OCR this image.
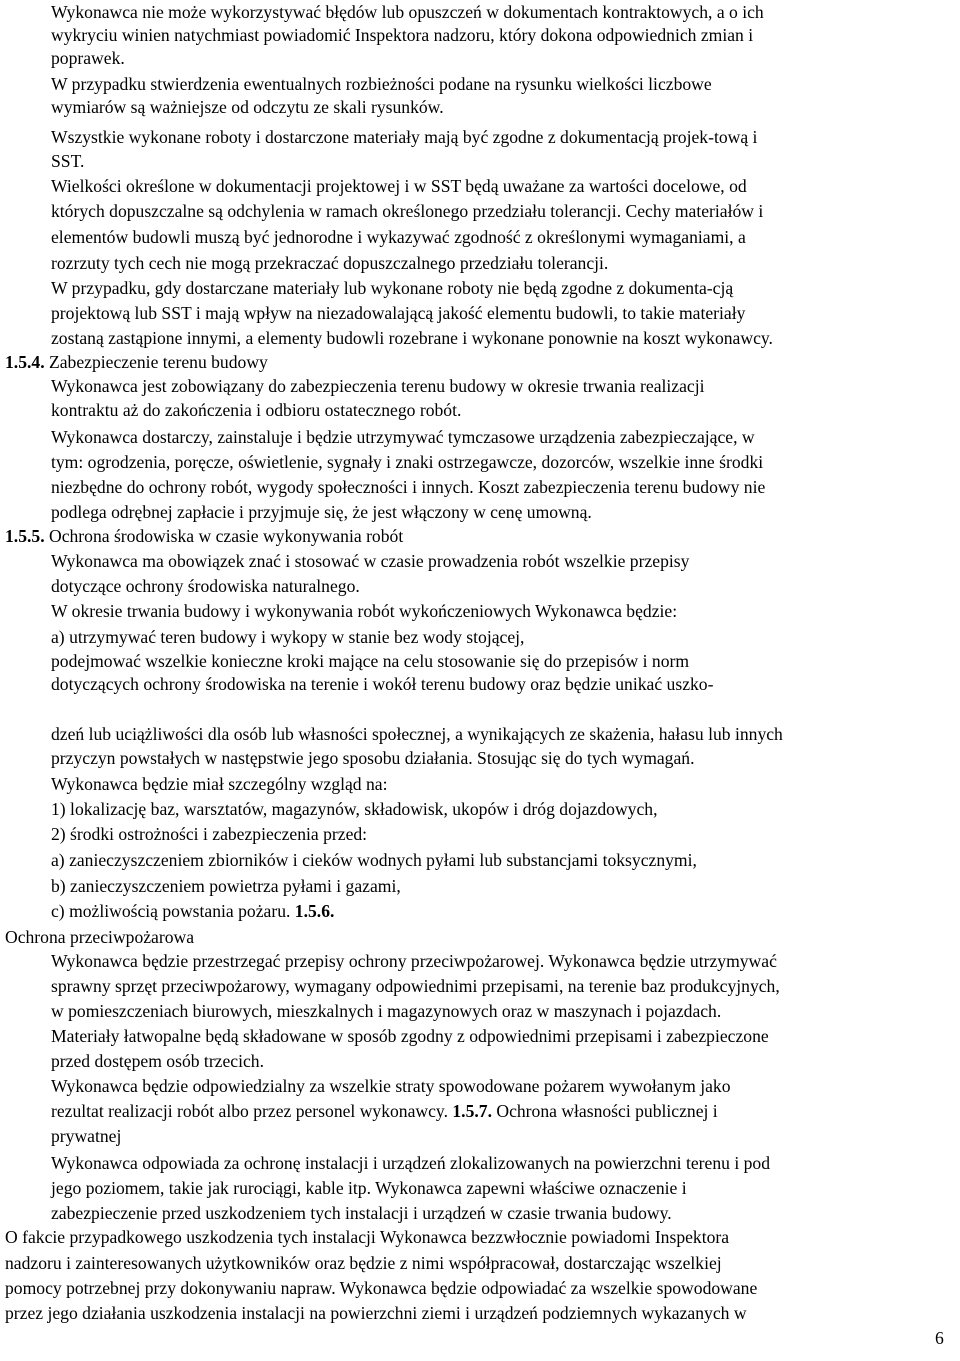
Wykonawca nie może wykorzystywać błędów lub opuszczeń w dokumentach kontraktowych, a o ich
wykryciu winien natychmiast powiadomić Inspektora nadzoru, który dokona odpowiednich zmian i
poprawek.
W przypadku stwierdzenia ewentualnych rozbieżności podane na rysunku wielkości liczbowe
wymiarów są ważniejsze od odczytu ze skali rysunków.
Wszystkie wykonane roboty i dostarczone materiały mają być zgodne z dokumentacją projek-tową i
SST.
Wielkości określone w dokumentacji projektowej i w SST będą uważane za wartości docelowe, od
których dopuszczalne są odchylenia w ramach określonego przedziału tolerancji. Cechy materiałów i
elementów budowli muszą być jednorodne i wykazywać zgodność z określonymi wymaganiami, a
rozrzuty tych cech nie mogą przekraczać dopuszczalnego przedziału tolerancji.
W przypadku, gdy dostarczane materiały lub wykonane roboty nie będą zgodne z dokumenta-cją
projektową lub SST i mają wpływ na niezadowalającą jakość elementu budowli, to takie materiały
zostaną zastąpione innymi, a elementy budowli rozebrane i wykonane ponownie na koszt wykonawcy.
1.5.4. Zabezpieczenie terenu budowy
Wykonawca jest zobowiązany do zabezpieczenia terenu budowy w okresie trwania realizacji
kontraktu aż do zakończenia i odbioru ostatecznego robót.
Wykonawca dostarczy, zainstaluje i będzie utrzymywać tymczasowe urządzenia zabezpieczające, w
tym: ogrodzenia, poręcze, oświetlenie, sygnały i znaki ostrzegawcze, dozorców, wszelkie inne środki
niezbędne do ochrony robót, wygody społeczności i innych. Koszt zabezpieczenia terenu budowy nie
podlega odrębnej zapłacie i przyjmuje się, że jest włączony w cenę umowną.
1.5.5. Ochrona środowiska w czasie wykonywania robót
Wykonawca ma obowiązek znać i stosować w czasie prowadzenia robót wszelkie przepisy
dotyczące ochrony środowiska naturalnego.
W okresie trwania budowy i wykonywania robót wykończeniowych Wykonawca będzie:
a) utrzymywać teren budowy i wykopy w stanie bez wody stojącej,
podejmować wszelkie konieczne kroki mające na celu stosowanie się do przepisów i norm
dotyczących ochrony środowiska na terenie i wokół terenu budowy oraz będzie unikać uszko-
dzeń lub uciążliwości dla osób lub własności społecznej, a wynikających ze skażenia, hałasu lub innych
przyczyn powstałych w następstwie jego sposobu działania. Stosując się do tych wymagań.
Wykonawca będzie miał szczególny wzgląd na:
1) lokalizację baz, warsztatów, magazynów, składowisk, ukopów i dróg dojazdowych,
2) środki ostrożności i zabezpieczenia przed:
a) zanieczyszczeniem zbiorników i cieków wodnych pyłami lub substancjami toksycznymi,
b) zanieczyszczeniem powietrza pyłami i gazami,
c) możliwością powstania pożaru. 1.5.6.
Ochrona przeciwpożarowa
Wykonawca będzie przestrzegać przepisy ochrony przeciwpożarowej. Wykonawca będzie utrzymywać
sprawny sprzęt przeciwpożarowy, wymagany odpowiednimi przepisami, na terenie baz produkcyjnych,
w pomieszczeniach biurowych, mieszkalnych i magazynowych oraz w maszynach i pojazdach.
Materiały łatwopalne będą składowane w sposób zgodny z odpowiednimi przepisami i zabezpieczone
przed dostępem osób trzecich.
Wykonawca będzie odpowiedzialny za wszelkie straty spowodowane pożarem wywołanym jako
rezultat realizacji robót albo przez personel wykonawcy. 1.5.7. Ochrona własności publicznej i
prywatnej
Wykonawca odpowiada za ochronę instalacji i urządzeń zlokalizowanych na powierzchni terenu i pod
jego poziomem, takie jak rurociągi, kable itp. Wykonawca zapewni właściwe oznaczenie i
zabezpieczenie przed uszkodzeniem tych instalacji i urządzeń w czasie trwania budowy.
O fakcie przypadkowego uszkodzenia tych instalacji Wykonawca bezzwłocznie powiadomi Inspektora
nadzoru i zainteresowanych użytkowników oraz będzie z nimi współpracował, dostarczając wszelkiej
pomocy potrzebnej przy dokonywaniu napraw. Wykonawca będzie odpowiadać za wszelkie spowodowane
przez jego działania uszkodzenia instalacji na powierzchni ziemi i urządzeń podziemnych wykazanych w
6
